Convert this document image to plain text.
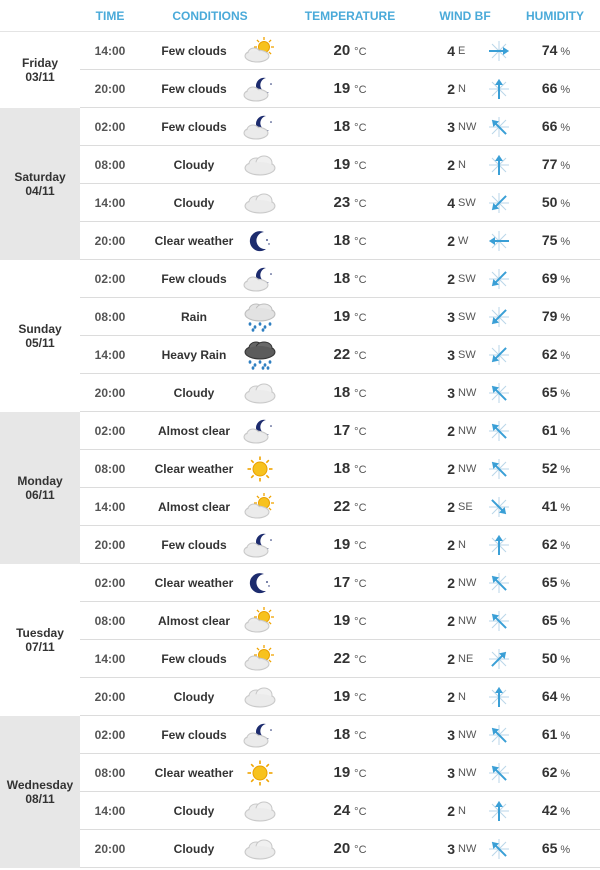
TIME	CONDITIONS	TEMPERATURE	WIND BF	HUMIDITY
Friday
03/11
14:00	Few clouds	20 °C	4 E	74 %
20:00	Few clouds	19 °C	2 N	66 %
Saturday
04/11
02:00	Few clouds	18 °C	3 NW	66 %
08:00	Cloudy	19 °C	2 N	77 %
14:00	Cloudy	23 °C	4 SW	50 %
20:00	Clear weather	18 °C	2 W	75 %
Sunday
05/11
02:00	Few clouds	18 °C	2 SW	69 %
08:00	Rain	19 °C	3 SW	79 %
14:00	Heavy Rain	22 °C	3 SW	62 %
20:00	Cloudy	18 °C	3 NW	65 %
Monday
06/11
02:00	Almost clear	17 °C	2 NW	61 %
08:00	Clear weather	18 °C	2 NW	52 %
14:00	Almost clear	22 °C	2 SE	41 %
20:00	Few clouds	19 °C	2 N	62 %
Tuesday
07/11
02:00	Clear weather	17 °C	2 NW	65 %
08:00	Almost clear	19 °C	2 NW	65 %
14:00	Few clouds	22 °C	2 NE	50 %
20:00	Cloudy	19 °C	2 N	64 %
Wednesday
08/11
02:00	Few clouds	18 °C	3 NW	61 %
08:00	Clear weather	19 °C	3 NW	62 %
14:00	Cloudy	24 °C	2 N	42 %
20:00	Cloudy	20 °C	3 NW	65 %
